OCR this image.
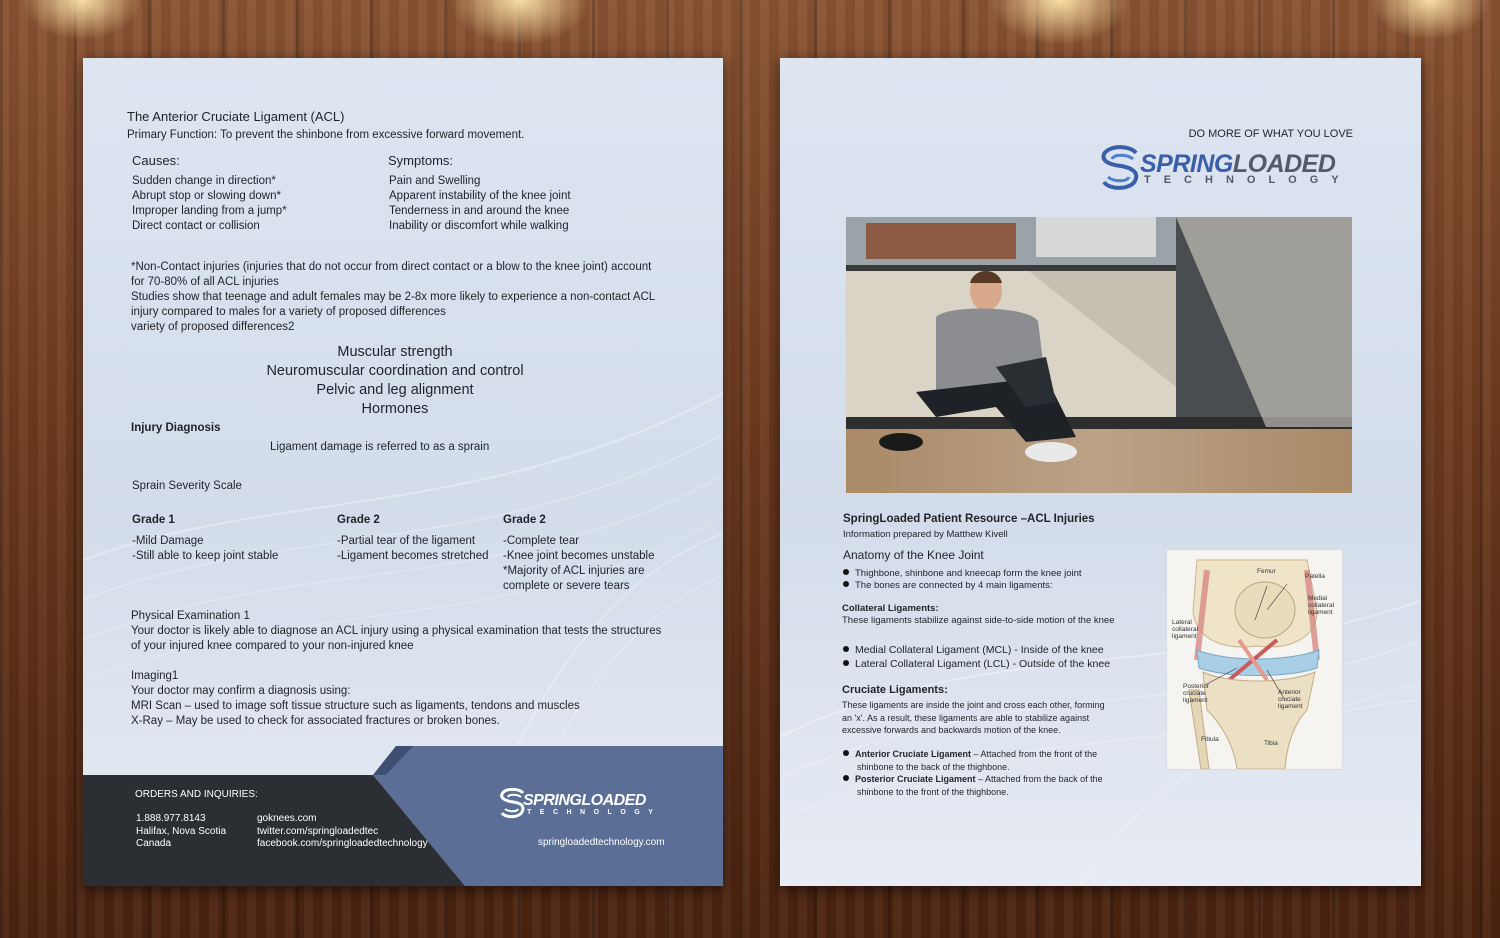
The Anterior Cruciate Ligament (ACL)
Primary Function: To prevent the shinbone from excessive forward movement.
Causes:
Sudden change in direction*
Abrupt stop or slowing down*
Improper landing from a jump*
Direct contact or collision
Symptoms:
Pain and Swelling
Apparent instability of the knee joint
Tenderness in and around the knee
Inability or discomfort while walking
*Non-Contact injuries (injuries that do not occur from direct contact or a blow to the knee joint) account
for 70-80% of all ACL injuries
Studies show that teenage and adult females may be 2-8x more likely to experience a non-contact ACL
injury compared to males for a variety of proposed differences
variety of proposed differences2
Muscular strength
Neuromuscular coordination and control
Pelvic and leg alignment
Hormones
Injury Diagnosis
Ligament damage is referred to as a sprain
Sprain Severity Scale
Grade 1
-Mild Damage
-Still able to keep joint stable
Grade 2
-Partial tear of the ligament
-Ligament becomes stretched
Grade 2
-Complete tear
-Knee joint becomes unstable
*Majority of ACL injuries are
complete or severe tears
Physical Examination 1
Your doctor is likely able to diagnose an ACL injury using a physical examination that tests the structures
of your injured knee compared to your non-injured knee
Imaging1
Your doctor may confirm a diagnosis using:
MRI Scan – used to image soft tissue structure such as ligaments, tendons and muscles
X-Ray – May be used to check for associated fractures or broken bones.
ORDERS AND INQUIRIES:
1.888.977.8143
Halifax, Nova Scotia
Canada
goknees.com
twitter.com/springloadedtec
facebook.com/springloadedtechnology
SPRINGLOADED
TECHNOLOGY
springloadedtechnology.com
DO MORE OF WHAT YOU LOVE
SPRINGLOADED
TECHNOLOGY
SpringLoaded Patient Resource –ACL Injuries
Information prepared by Matthew Kivell
Anatomy of the Knee Joint
Thighbone, shinbone and kneecap form the knee joint
The bones are connected by 4 main ligaments:
Collateral Ligaments:
These ligaments stabilize against side-to-side motion of the knee
Medial Collateral Ligament (MCL) - Inside of the knee
Lateral Collateral Ligament (LCL) - Outside of the knee
Cruciate Ligaments:
These ligaments are inside the joint and cross each other, forming
an 'x'. As a result, these ligaments are able to stabilize against
excessive forwards and backwards motion of the knee.
Anterior Cruciate Ligament – Attached from the front of the
shinbone to the back of the thighbone.
Posterior Cruciate Ligament – Attached from the back of the
shinbone to the front of the thighbone.
Femur
Patella
Medial
collateral
ligament
Lateral
collateral
ligament
Posterior
cruciate
ligament
Anterior
cruciate
ligament
Fibula
Tibia
